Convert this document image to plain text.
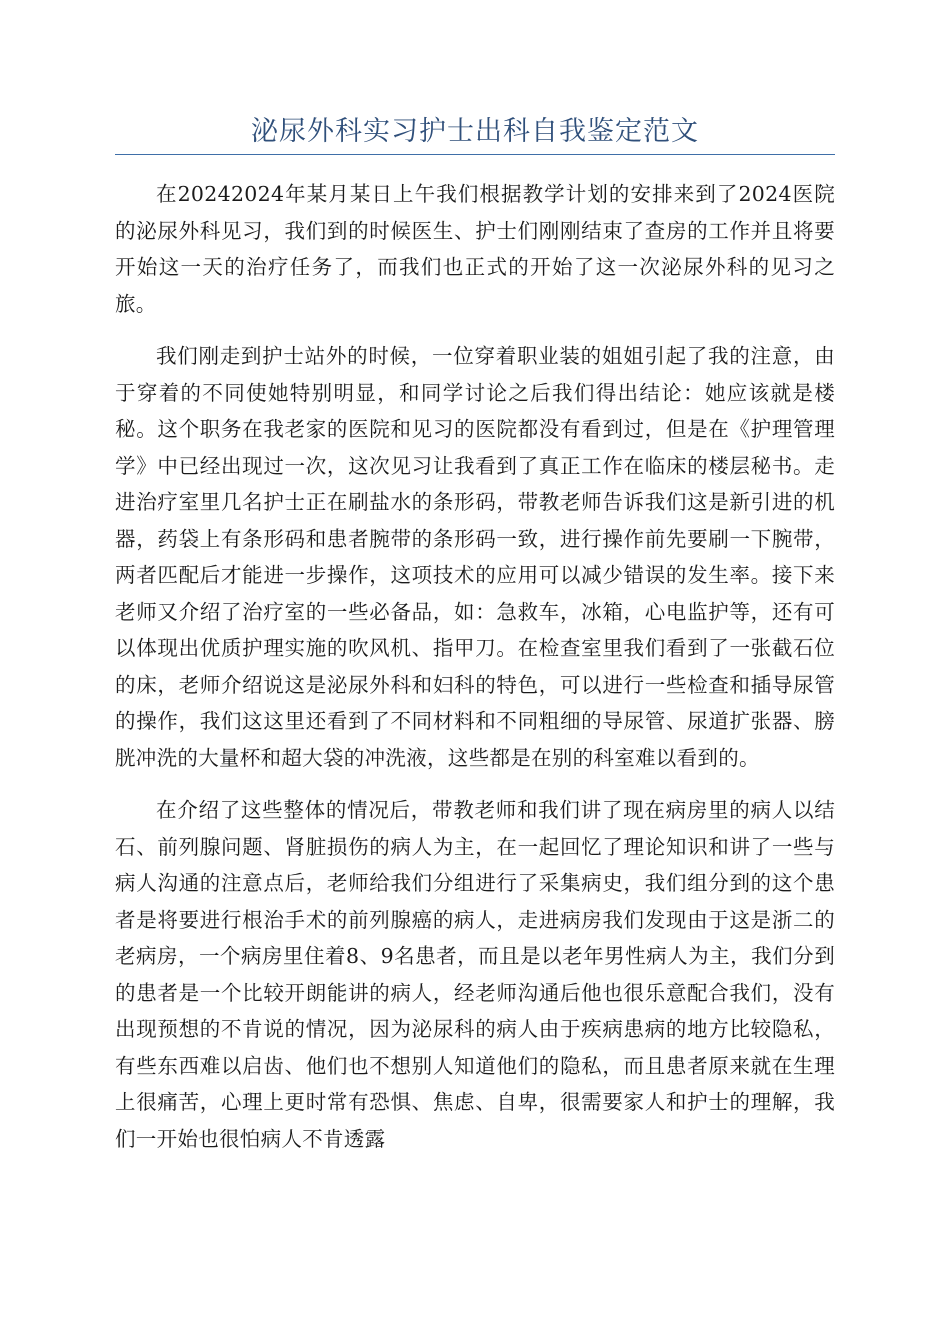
泌尿外科实习护士出科自我鉴定范文

在20242024年某月某日上午我们根据教学计划的安排来到了2024医院的泌尿外科见习，我们到的时候医生、护士们刚刚结束了查房的工作并且将要开始这一天的治疗任务了，而我们也正式的开始了这一次泌尿外科的见习之旅。

我们刚走到护士站外的时候，一位穿着职业装的姐姐引起了我的注意，由于穿着的不同使她特别明显，和同学讨论之后我们得出结论：她应该就是楼秘。这个职务在我老家的医院和见习的医院都没有看到过，但是在《护理管理学》中已经出现过一次，这次见习让我看到了真正工作在临床的楼层秘书。走进治疗室里几名护士正在刷盐水的条形码，带教老师告诉我们这是新引进的机器，药袋上有条形码和患者腕带的条形码一致，进行操作前先要刷一下腕带，两者匹配后才能进一步操作，这项技术的应用可以减少错误的发生率。接下来老师又介绍了治疗室的一些必备品，如：急救车，冰箱，心电监护等，还有可以体现出优质护理实施的吹风机、指甲刀。在检查室里我们看到了一张截石位的床，老师介绍说这是泌尿外科和妇科的特色，可以进行一些检查和插导尿管的操作，我们这这里还看到了不同材料和不同粗细的导尿管、尿道扩张器、膀胱冲洗的大量杯和超大袋的冲洗液，这些都是在别的科室难以看到的。

在介绍了这些整体的情况后，带教老师和我们讲了现在病房里的病人以结石、前列腺问题、肾脏损伤的病人为主，在一起回忆了理论知识和讲了一些与病人沟通的注意点后，老师给我们分组进行了采集病史，我们组分到的这个患者是将要进行根治手术的前列腺癌的病人，走进病房我们发现由于这是浙二的老病房，一个病房里住着8、9名患者，而且是以老年男性病人为主，我们分到的患者是一个比较开朗能讲的病人，经老师沟通后他也很乐意配合我们，没有出现预想的不肯说的情况，因为泌尿科的病人由于疾病患病的地方比较隐私，有些东西难以启齿、他们也不想别人知道他们的隐私，而且患者原来就在生理上很痛苦，心理上更时常有恐惧、焦虑、自卑，很需要家人和护士的理解，我们一开始也很怕病人不肯透露
